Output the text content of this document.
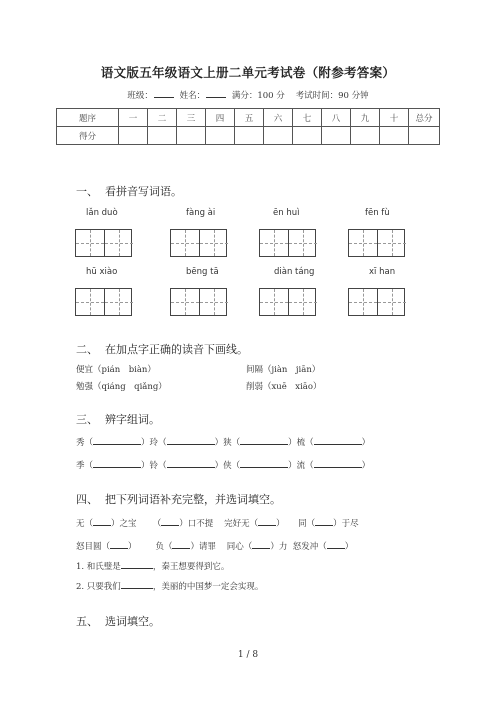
语文版五年级语文上册二单元考试卷（附参考答案）
班级：	姓名：	满分：100 分 考试时间：90 分钟
题序	一	二	三	四	五	六	七	八	九	十	总分
得分											
一、 看拼音写词语。
lǎn duò	fàng ài	ēn huì	fēn fù
hū xiào	bēng tā	diàn táng	xī han
二、 在加点字正确的读音下画线。
便宜（pián　biàn）	间隔（jiàn　jiān）
勉强（qiáng　qiǎng）	削弱（xuē　xiāo）
三、 辨字组词。
秀（	）玲（	）狭（	）梳（	）
季（	）铃（	）侠（	）流（	）
四、 把下列词语补充完整，并选词填空。
无（ ）之宝 （ ）口不提 完好无（ ） 同（ ）于尽
怒目圆（ ） 负（ ）请罪 同心（ ）力 怒发冲（ ）
1. 和氏璧是	，秦王想要得到它。
2. 只要我们	，美丽的中国梦一定会实现。
五、 选词填空。
1 / 8
